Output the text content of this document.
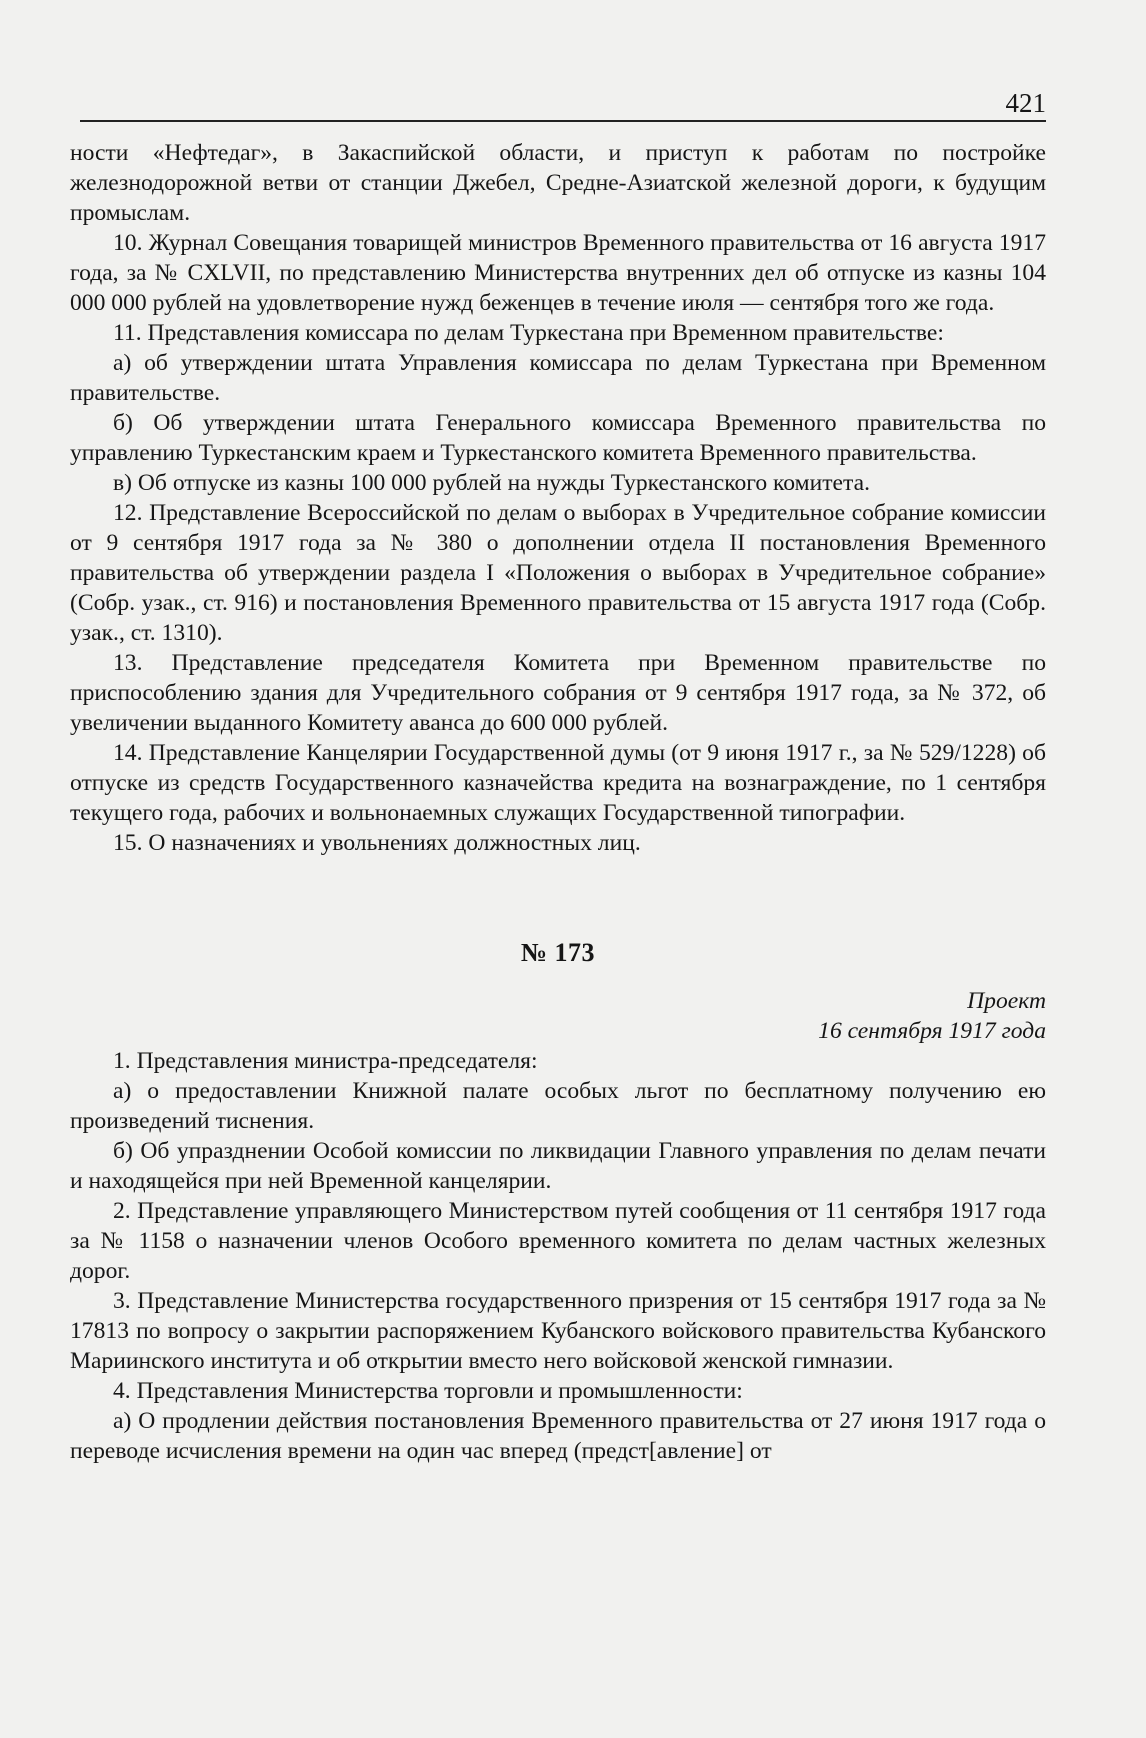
421

ности «Нефтедаг», в Закаспийской области, и приступ к работам по постройке железнодорожной ветви от станции Джебел, Средне-Азиатской железной дороги, к будущим промыслам.

10. Журнал Совещания товарищей министров Временного правительства от 16 августа 1917 года, за № CXLVII, по представлению Министерства внутренних дел об отпуске из казны 104 000 000 рублей на удовлетворение нужд беженцев в течение июля — сентября того же года.

11. Представления комиссара по делам Туркестана при Временном правительстве:

а) об утверждении штата Управления комиссара по делам Туркестана при Временном правительстве.

б) Об утверждении штата Генерального комиссара Временного правительства по управлению Туркестанским краем и Туркестанского комитета Временного правительства.

в) Об отпуске из казны 100 000 рублей на нужды Туркестанского комитета.

12. Представление Всероссийской по делам о выборах в Учредительное собрание комиссии от 9 сентября 1917 года за № 380 о дополнении отдела II постановления Временного правительства об утверждении раздела I «Положения о выборах в Учредительное собрание» (Собр. узак., ст. 916) и постановления Временного правительства от 15 августа 1917 года (Собр. узак., ст. 1310).

13. Представление председателя Комитета при Временном правительстве по приспособлению здания для Учредительного собрания от 9 сентября 1917 года, за № 372, об увеличении выданного Комитету аванса до 600 000 рублей.

14. Представление Канцелярии Государственной думы (от 9 июня 1917 г., за № 529/1228) об отпуске из средств Государственного казначейства кредита на вознаграждение, по 1 сентября текущего года, рабочих и вольнонаемных служащих Государственной типографии.

15. О назначениях и увольнениях должностных лиц.

№ 173

Проект

16 сентября 1917 года

1. Представления министра-председателя:

а) о предоставлении Книжной палате особых льгот по бесплатному получению ею произведений тиснения.

б) Об упразднении Особой комиссии по ликвидации Главного управления по делам печати и находящейся при ней Временной канцелярии.

2. Представление управляющего Министерством путей сообщения от 11 сентября 1917 года за № 1158 о назначении членов Особого временного комитета по делам частных железных дорог.

3. Представление Министерства государственного призрения от 15 сентября 1917 года за № 17813 по вопросу о закрытии распоряжением Кубанского войскового правительства Кубанского Мариинского института и об открытии вместо него войсковой женской гимназии.

4. Представления Министерства торговли и промышленности:

а) О продлении действия постановления Временного правительства от 27 июня 1917 года о переводе исчисления времени на один час вперед (предст[авление] от
